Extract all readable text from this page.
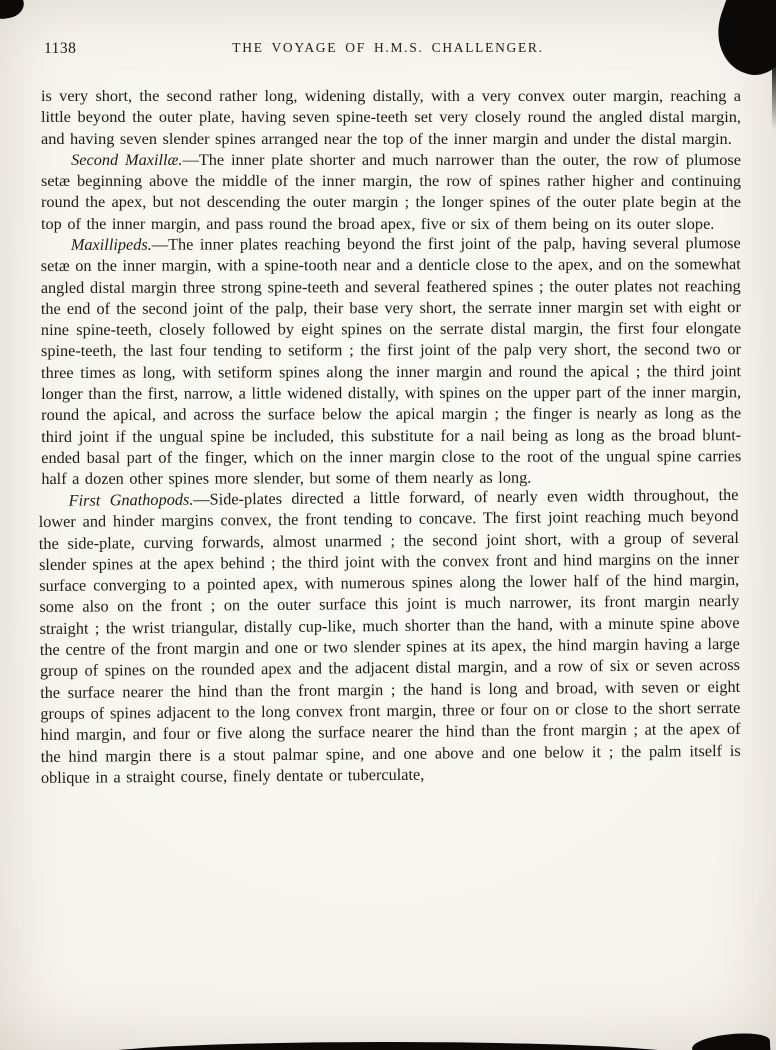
1138	THE VOYAGE OF H.M.S. CHALLENGER.

is very short, the second rather long, widening distally, with a very convex outer margin, reaching a little beyond the outer plate, having seven spine-teeth set very closely round the angled distal margin, and having seven slender spines arranged near the top of the inner margin and under the distal margin.

Second Maxillæ.—The inner plate shorter and much narrower than the outer, the row of plumose setæ beginning above the middle of the inner margin, the row of spines rather higher and continuing round the apex, but not descending the outer margin ; the longer spines of the outer plate begin at the top of the inner margin, and pass round the broad apex, five or six of them being on its outer slope.

Maxillipeds.—The inner plates reaching beyond the first joint of the palp, having several plumose setæ on the inner margin, with a spine-tooth near and a denticle close to the apex, and on the somewhat angled distal margin three strong spine-teeth and several feathered spines ; the outer plates not reaching the end of the second joint of the palp, their base very short, the serrate inner margin set with eight or nine spine-teeth, closely followed by eight spines on the serrate distal margin, the first four elongate spine-teeth, the last four tending to setiform ; the first joint of the palp very short, the second two or three times as long, with setiform spines along the inner margin and round the apical ; the third joint longer than the first, narrow, a little widened distally, with spines on the upper part of the inner margin, round the apical, and across the surface below the apical margin ; the finger is nearly as long as the third joint if the ungual spine be included, this substitute for a nail being as long as the broad blunt-ended basal part of the finger, which on the inner margin close to the root of the ungual spine carries half a dozen other spines more slender, but some of them nearly as long.

First Gnathopods.—Side-plates directed a little forward, of nearly even width throughout, the lower and hinder margins convex, the front tending to concave. The first joint reaching much beyond the side-plate, curving forwards, almost unarmed ; the second joint short, with a group of several slender spines at the apex behind ; the third joint with the convex front and hind margins on the inner surface converging to a pointed apex, with numerous spines along the lower half of the hind margin, some also on the front ; on the outer surface this joint is much narrower, its front margin nearly straight ; the wrist triangular, distally cup-like, much shorter than the hand, with a minute spine above the centre of the front margin and one or two slender spines at its apex, the hind margin having a large group of spines on the rounded apex and the adjacent distal margin, and a row of six or seven across the surface nearer the hind than the front margin ; the hand is long and broad, with seven or eight groups of spines adjacent to the long convex front margin, three or four on or close to the short serrate hind margin, and four or five along the surface nearer the hind than the front margin ; at the apex of the hind margin there is a stout palmar spine, and one above and one below it ; the palm itself is oblique in a straight course, finely dentate or tuberculate,
